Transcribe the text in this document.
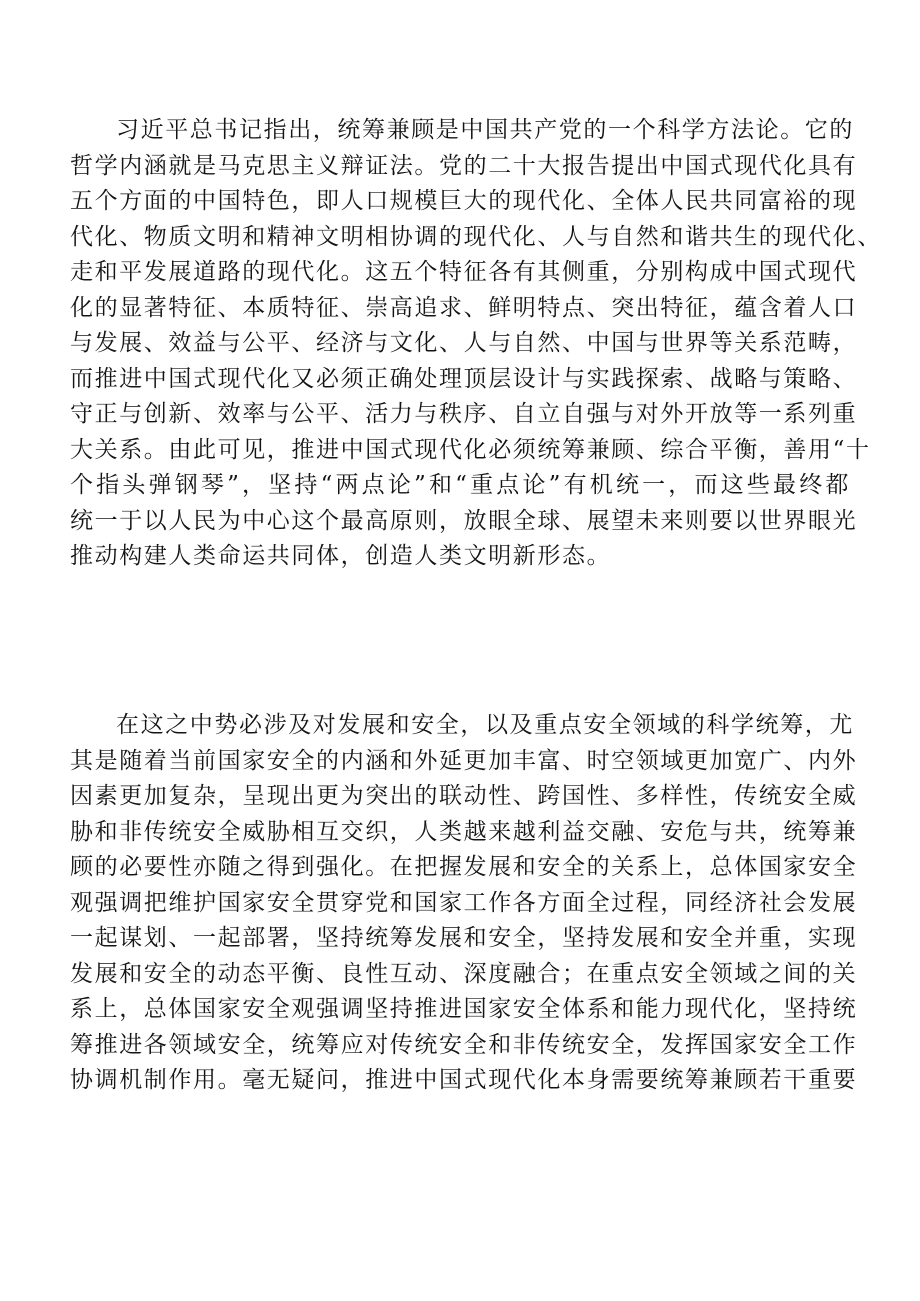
习近平总书记指出，统筹兼顾是中国共产党的一个科学方法论。它的
哲学内涵就是马克思主义辩证法。党的二十大报告提出中国式现代化具有
五个方面的中国特色，即人口规模巨大的现代化、全体人民共同富裕的现
代化、物质文明和精神文明相协调的现代化、人与自然和谐共生的现代化、
走和平发展道路的现代化。这五个特征各有其侧重，分别构成中国式现代
化的显著特征、本质特征、崇高追求、鲜明特点、突出特征，蕴含着人口
与发展、效益与公平、经济与文化、人与自然、中国与世界等关系范畴，
而推进中国式现代化又必须正确处理顶层设计与实践探索、战略与策略、
守正与创新、效率与公平、活力与秩序、自立自强与对外开放等一系列重
大关系。由此可见，推进中国式现代化必须统筹兼顾、综合平衡，善用“十
个指头弹钢琴”，坚持“两点论”和“重点论”有机统一，而这些最终都
统一于以人民为中心这个最高原则，放眼全球、展望未来则要以世界眼光
推动构建人类命运共同体，创造人类文明新形态。
在这之中势必涉及对发展和安全，以及重点安全领域的科学统筹，尤
其是随着当前国家安全的内涵和外延更加丰富、时空领域更加宽广、内外
因素更加复杂，呈现出更为突出的联动性、跨国性、多样性，传统安全威
胁和非传统安全威胁相互交织，人类越来越利益交融、安危与共，统筹兼
顾的必要性亦随之得到强化。在把握发展和安全的关系上，总体国家安全
观强调把维护国家安全贯穿党和国家工作各方面全过程，同经济社会发展
一起谋划、一起部署，坚持统筹发展和安全，坚持发展和安全并重，实现
发展和安全的动态平衡、良性互动、深度融合；在重点安全领域之间的关
系上，总体国家安全观强调坚持推进国家安全体系和能力现代化，坚持统
筹推进各领域安全，统筹应对传统安全和非传统安全，发挥国家安全工作
协调机制作用。毫无疑问，推进中国式现代化本身需要统筹兼顾若干重要
